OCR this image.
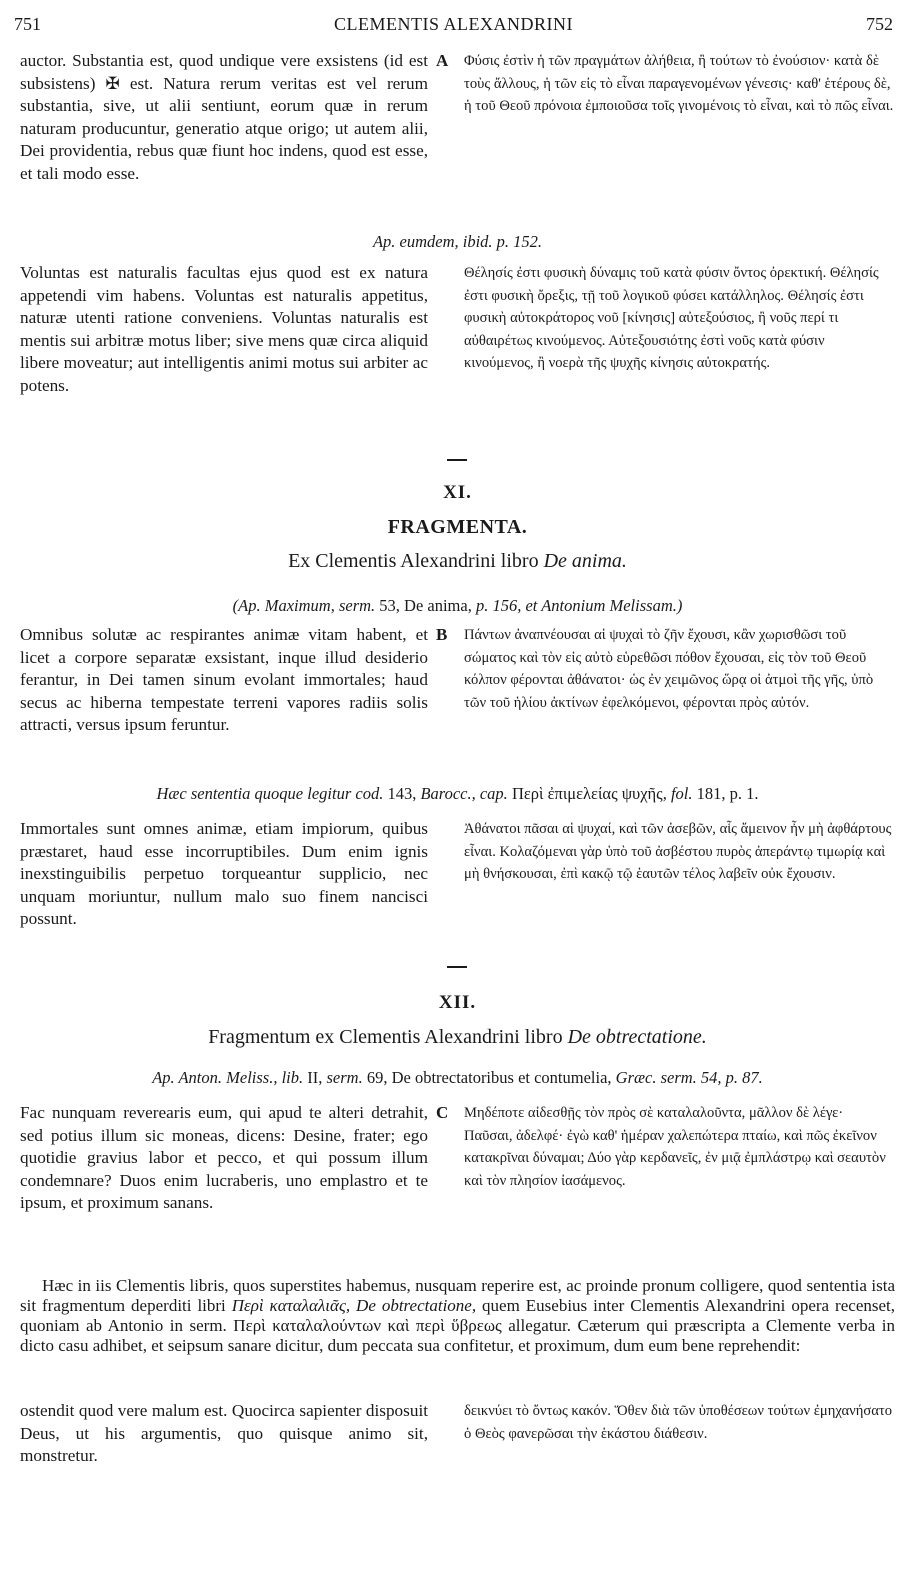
751	CLEMENTIS ALEXANDRINI	752
auctor. Substantia est, quod undique vere exsistens (id est subsistens) ✠ est. Natura rerum veritas est vel rerum substantia, sive, ut alii sentiunt, eorum quæ in rerum naturam producuntur, generatio atque origo; ut autem alii, Dei providentia, rebus quæ fiunt hoc indens, quod est esse, et tali modo esse.
A Φύσις ἐστὶν ἡ τῶν πραγμάτων ἀλήθεια, ἢ τούτων τὸ ἐνούσιον· κατὰ δὲ τοὺς ἄλλους, ἡ τῶν εἰς τὸ εἶναι παραγενομένων γένεσις· καθ' ἑτέρους δὲ, ἡ τοῦ Θεοῦ πρόνοια ἐμποιοῦσα τοῖς γινομένοις τὸ εἶναι, καὶ τὸ πῶς εἶναι.
Ap. eumdem, ibid. p. 152.
Voluntas est naturalis facultas ejus quod est ex natura appetendi vim habens. Voluntas est naturalis appetitus, naturæ utenti ratione conveniens. Voluntas naturalis est mentis sui arbitræ motus liber; sive mens quæ circa aliquid libere moveatur; aut intelligentis animi motus sui arbiter ac potens.
Θέλησίς ἐστι φυσικὴ δύναμις τοῦ κατὰ φύσιν ὄντος ὀρεκτική. Θέλησίς ἐστι φυσικὴ ὄρεξις, τῇ τοῦ λογικοῦ φύσει κατάλληλος. Θέλησίς ἐστι φυσικὴ αὐτοκράτορος νοῦ [κίνησις] αὐτεξούσιος, ἢ νοῦς περί τι αὐθαιρέτως κινούμενος. Αὐτεξουσιότης ἐστὶ νοῦς κατὰ φύσιν κινούμενος, ἢ νοερὰ τῆς ψυχῆς κίνησις αὐτοκρατής.
XI.
FRAGMENTA.
Ex Clementis Alexandrini libro De anima.
(Ap. Maximum, serm. 53, De anima, p. 156, et Antonium Melissam.)
Omnibus solutæ ac respirantes animæ vitam habent, et licet a corpore separatæ exsistant, inque illud desiderio ferantur, in Dei tamen sinum evolant immortales; haud secus ac hiberna tempestate terreni vapores radiis solis attracti, versus ipsum feruntur.
B Πάντων ἀναπνέουσαι αἱ ψυχαὶ τὸ ζῆν ἔχουσι, κἂν χωρισθῶσι τοῦ σώματος καὶ τὸν εἰς αὐτὸ εὑρεθῶσι πόθον ἔχουσαι, εἰς τὸν τοῦ Θεοῦ κόλπον φέρονται ἀθάνατοι· ὡς ἐν χειμῶνος ὥρᾳ οἱ ἀτμοὶ τῆς γῆς, ὑπὸ τῶν τοῦ ἡλίου ἀκτίνων ἐφελκόμενοι, φέρονται πρὸς αὐτόν.
Hæc sententia quoque legitur cod. 143, Barocc., cap. Περὶ ἐπιμελείας ψυχῆς, fol. 181, p. 1.
Immortales sunt omnes animæ, etiam impiorum, quibus præstaret, haud esse incorruptibiles. Dum enim ignis inexstinguibilis perpetuo torqueantur supplicio, nec unquam moriuntur, nullum malo suo finem nancisci possunt.
Ἀθάνατοι πᾶσαι αἱ ψυχαί, καὶ τῶν ἀσεβῶν, αἷς ἄμεινον ἦν μὴ ἀφθάρτους εἶναι. Κολαζόμεναι γὰρ ὑπὸ τοῦ ἀσβέστου πυρὸς ἀπεράντῳ τιμωρίᾳ καὶ μὴ θνήσκουσαι, ἐπὶ κακῷ τῷ ἑαυτῶν τέλος λαβεῖν οὐκ ἔχουσιν.
XII.
Fragmentum ex Clementis Alexandrini libro De obtrectatione.
Ap. Anton. Meliss., lib. II, serm. 69, De obtrectatoribus et contumelia, Græc. serm. 54, p. 87.
Fac nunquam reverearis eum, qui apud te alteri detrahit, sed potius illum sic moneas, dicens: Desine, frater; ego quotidie gravius labor et pecco, et qui possum illum condemnare? Duos enim lucraberis, uno emplastro et te ipsum, et proximum sanans.
C Μηδέποτε αἰδεσθῇς τὸν πρὸς σὲ καταλαλοῦντα, μᾶλλον δὲ λέγε· Παῦσαι, ἀδελφέ· ἐγὼ καθ' ἡμέραν χαλεπώτερα πταίω, καὶ πῶς ἐκεῖνον κατακρῖναι δύναμαι; Δύο γὰρ κερδανεῖς, ἐν μιᾷ ἐμπλάστρῳ καὶ σεαυτὸν καὶ τὸν πλησίον ἰασάμενος.
Hæc in iis Clementis libris, quos superstites habemus, nusquam reperire est, ac proinde pronum colligere, quod sententia ista sit fragmentum deperditi libri Περὶ καταλαλιᾶς, De obtrectatione, quem Eusebius inter Clementis Alexandrini opera recenset, quoniam ab Antonio in serm. Περὶ καταλαλούντων καὶ περὶ ὕβρεως allegatur. Cæterum qui præscripta a Clemente verba in dicto casu adhibet, et seipsum sanare dicitur, dum peccata sua confitetur, et proximum, dum eum bene reprehendit:
ostendit quod vere malum est. Quocirca sapienter disposuit Deus, ut his argumentis, quo quisque animo sit, monstretur.
δεικνύει τὸ ὄντως κακόν. Ὅθεν διὰ τῶν ὑποθέσεων τούτων ἐμηχανήσατο ὁ Θεὸς φανερῶσαι τὴν ἑκάστου διάθεσιν.
